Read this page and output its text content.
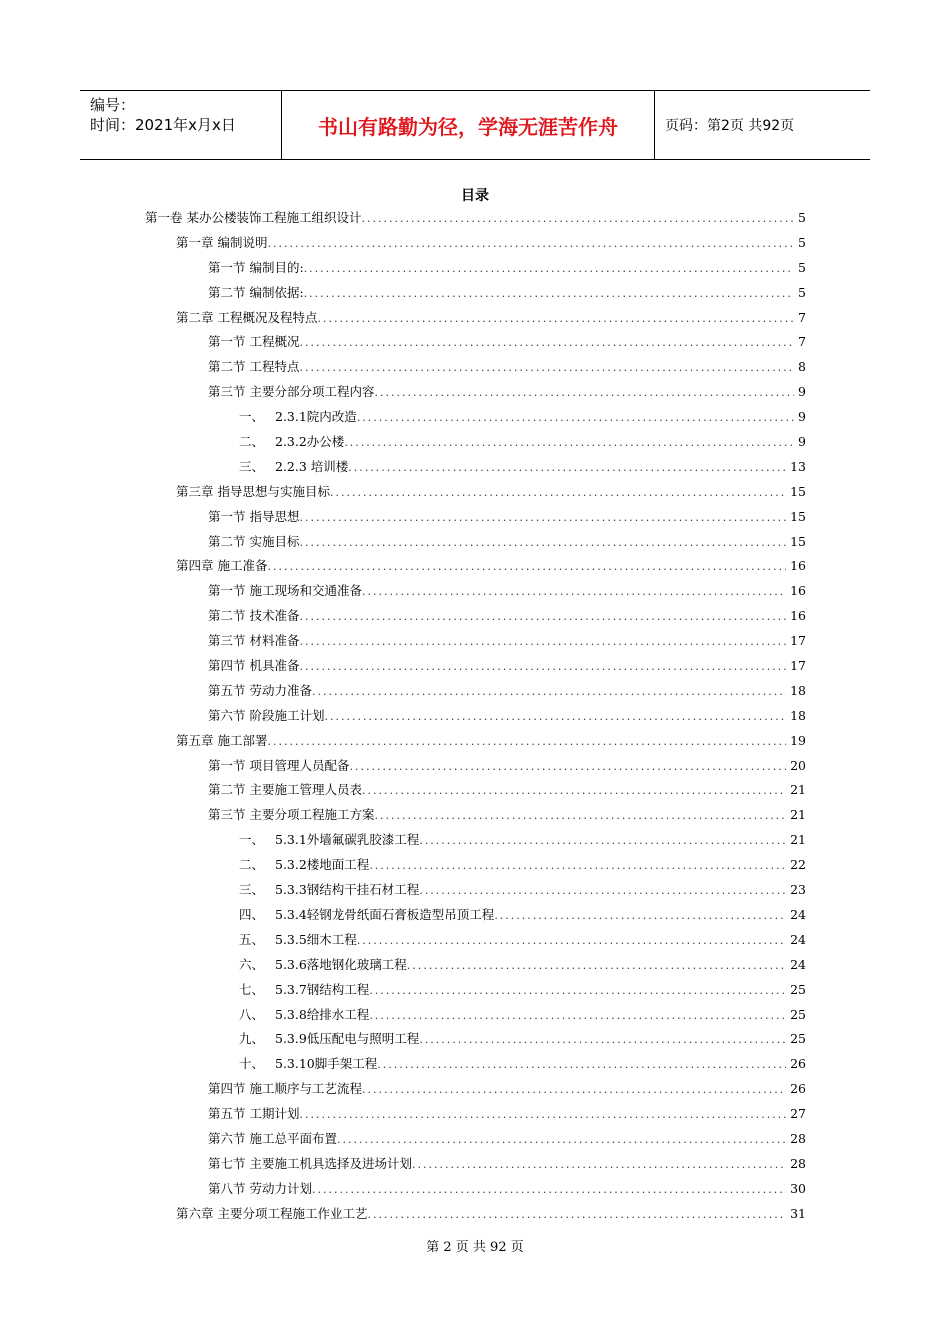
编号：
时间：2021年x月x日	书山有路勤为径，学海无涯苦作舟	页码：第2页 共92页
目录
第一卷 某办公楼装饰工程施工组织设计 .....	5
第一章 编制说明 .....	5
第一节 编制目的: .....	5
第二节 编制依据: .....	5
第二章 工程概况及程特点 .....	7
第一节 工程概况 .....	7
第二节 工程特点 .....	8
第三节 主要分部分项工程内容 .....	9
一、 2.3.1院内改造 .....	9
二、 2.3.2办公楼 .....	9
三、 2.2.3 培训楼 .....	13
第三章 指导思想与实施目标 .....	15
第一节 指导思想 .....	15
第二节 实施目标 .....	15
第四章 施工准备 .....	16
第一节 施工现场和交通准备 .....	16
第二节 技术准备 .....	16
第三节 材料准备 .....	17
第四节 机具准备 .....	17
第五节 劳动力准备 .....	18
第六节 阶段施工计划 .....	18
第五章 施工部署 .....	19
第一节 项目管理人员配备 .....	20
第二节 主要施工管理人员表 .....	21
第三节 主要分项工程施工方案 .....	21
一、 5.3.1外墙氟碳乳胶漆工程 .....	21
二、 5.3.2楼地面工程 .....	22
三、 5.3.3钢结构干挂石材工程 .....	23
四、 5.3.4轻钢龙骨纸面石膏板造型吊顶工程 .....	24
五、 5.3.5细木工程 .....	24
六、 5.3.6落地钢化玻璃工程 .....	24
七、 5.3.7钢结构工程 .....	25
八、 5.3.8给排水工程 .....	25
九、 5.3.9低压配电与照明工程 .....	25
十、 5.3.10脚手架工程 .....	26
第四节 施工顺序与工艺流程 .....	26
第五节 工期计划 .....	27
第六节 施工总平面布置 .....	28
第七节 主要施工机具选择及进场计划 .....	28
第八节 劳动力计划 .....	30
第六章 主要分项工程施工作业工艺 .....	31
第 2 页 共 92 页
